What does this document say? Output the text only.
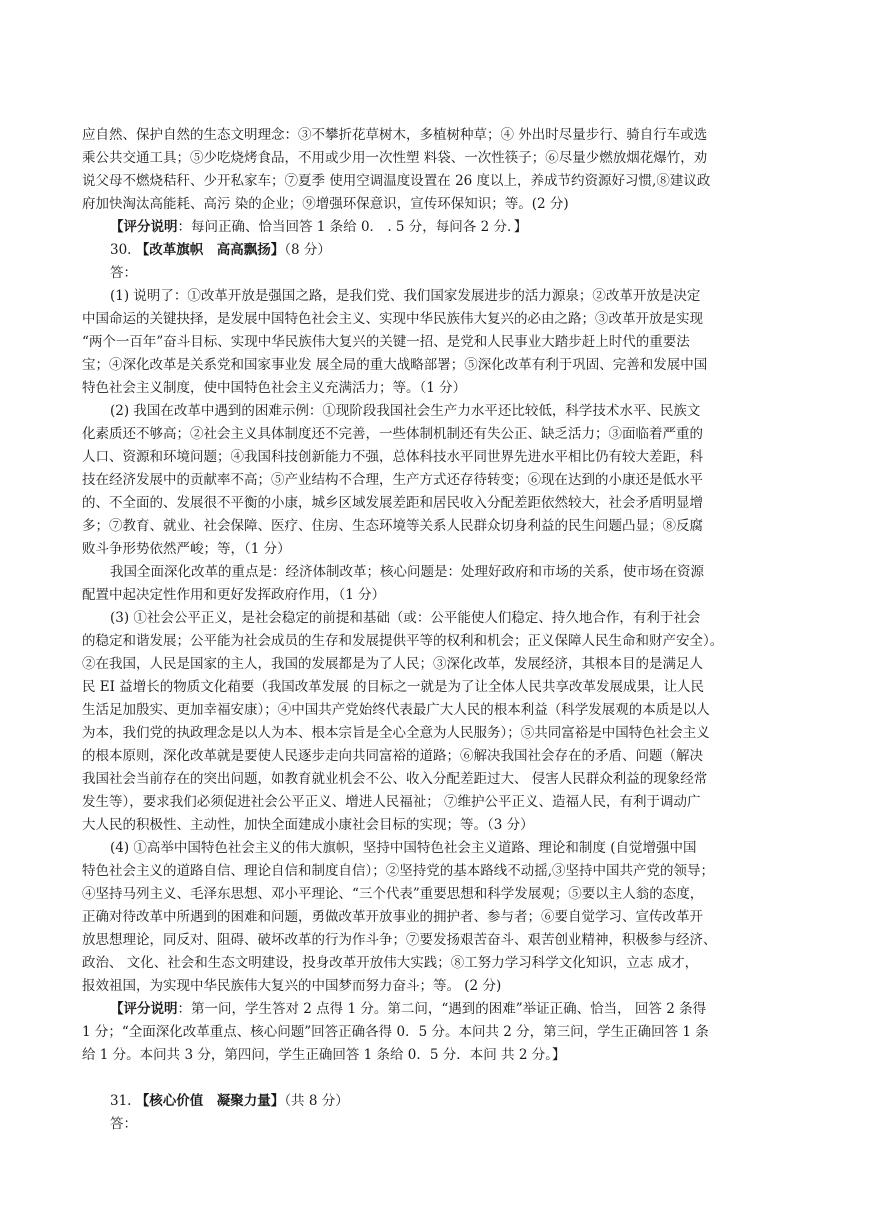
应自然、保护自然的生态文明理念：③不攀折花草树木，多植树种草；④ 外出时尽量步行、骑自行车或选
乘公共交通工具；⑤少吃烧烤食品，不用或少用一次性塑 料袋、一次性筷子；⑥尽量少燃放烟花爆竹，劝
说父母不燃烧秸秆、少开私家车；⑦夏季 使用空调温度设置在 26 度以上，养成节约资源好习惯,⑧建议政
府加快淘汰高能耗、高污 染的企业；⑨增强环保意识，宣传环保知识；等。(2 分)
【评分说明：每问正确、恰当回答 1 条给 0． . 5 分，每问各 2 分．】
30. 【改革旗帜　高高飘扬】（8 分）
答：
(1) 说明了：①改革开放是强国之路，是我们党、我们国家发展进步的活力源泉；②改革开放是决定
中国命运的关键抉择，是发展中国特色社会主义、实现中华民族伟大复兴的必由之路；③改革开放是实现
“两个一百年”奋斗目标、实现中华民族伟大复兴的关键一招、是党和人民事业大踏步赶上时代的重要法
宝；④深化改革是关系党和国家事业发 展全局的重大战略部署；⑤深化改革有利于巩固、完善和发展中国
特色社会主义制度，使中国特色社会主义充满活力；等。（1 分）
(2) 我国在改革中遇到的困难示例：①现阶段我国社会生产力水平还比较低，科学技术水平、民族文
化素质还不够高；②社会主义具体制度还不完善，一些体制机制还有失公正、缺乏活力；③面临着严重的
人口、资源和环境问题；④我国科技创新能力不强，总体科技水平同世界先进水平相比仍有较大差距，科
技在经济发展中的贡献率不高；⑤产业结构不合理，生产方式还存待转变；⑥现在达到的小康还是低水平
的、不全面的、发展很不平衡的小康，城乡区域发展差距和居民收入分配差距依然较大，社会矛盾明显增
多；⑦教育、就业、社会保障、医疗、住房、生态环境等关系人民群众切身利益的民生问题凸显；⑧反腐
败斗争形势依然严峻；等，（1 分）
我国全面深化改革的重点是：经济体制改革；核心问题是：处理好政府和市场的关系，使市场在资源
配置中起决定性作用和更好发挥政府作用，（1 分）
(3) ①社会公平正义，是社会稳定的前提和基础（或：公平能使人们稳定、持久地合作，有利于社会
的稳定和谐发展；公平能为社会成员的生存和发展提供平等的权利和机会；正义保障人民生命和财产安全）。
②在我国，人民是国家的主人，我国的发展都是为了人民；③深化改革，发展经济，其根本目的是满足人
民 EI 益增长的物质文化葙要（我国改革发展 的目标之一就是为了让全体人民共享改革发展成果，让人民
生活足加殷实、更加幸福安康）；④中国共产党始终代表最广大人民的根本利益（科学发展观的本质是以人
为本，我们党的执政理念是以人为本、根本宗旨是全心全意为人民服务）；⑤共同富裕是中国特色社会主义
的根本原则，深化改革就是要使人民逐步走向共同富裕的道路；⑥解决我国社会存在的矛盾、问题（解决
我国社会当前存在的突出问题，如教育就业机会不公、收入分配差距过大、 侵害人民群众利益的现象经常
发生等），要求我们必须促进社会公平正义、增进人民福祉； ⑦维护公平正义、造福人民，有利于调动广
大人民的积极性、主动性，加快全面建成小康社会目标的实现；等。（3 分）
(4) ①高举中国特色社会主义的伟大旗帜，坚持中国特色社会主义道路、理论和制度 (自觉增强中国
特色社会主义的道路自信、理论自信和制度自信）；②坚持党的基本路线不动摇,③坚持中国共产党的领导；
④坚持马列主义、毛泽东思想、邓小平理论、“三个代表”重要思想和科学发展观；⑤要以主人翁的态度，
正确对待改革中所遇到的困难和问题，勇做改革开放事业的拥护者、参与者；⑥要自觉学习、宣传改革开
放思想理论，同反对、阻碍、破坏改革的行为作斗争；⑦要发扬艰苦奋斗、艰苦创业精神，积极参与经济、
政治、 文化、社会和生态文明建设，投身改革开放伟大实践；⑧工努力学习科学文化知识，立志 成才，
报效祖国，为实现中华民族伟大复兴的中国梦而努力奋斗；等。 (2 分)
【评分说明：第一问，学生答对 2 点得 1 分。第二问，“遇到的困难”举证正确、恰当， 回答 2 条得
1 分；“全面深化改革重点、核心问题”回答正确各得 0．5 分。本问共 2 分，第三问，学生正确回答 1 条
给 1 分。本问共 3 分，第四问，学生正确回答 1 条给 0．5 分．本问 共 2 分。】
31. 【核心价值　凝聚力量】（共 8 分）
答：
